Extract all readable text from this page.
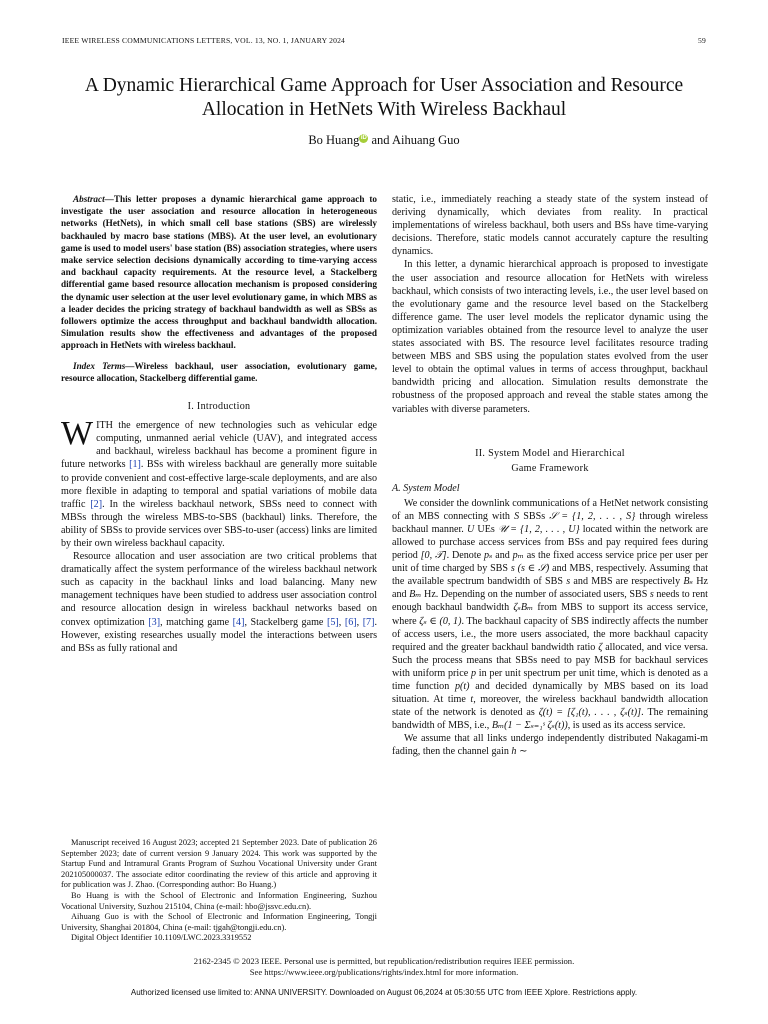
IEEE WIRELESS COMMUNICATIONS LETTERS, VOL. 13, NO. 1, JANUARY 2024	59
A Dynamic Hierarchical Game Approach for User Association and Resource Allocation in HetNets With Wireless Backhaul
Bo Huang iD and Aihuang Guo

Abstract—This letter proposes a dynamic hierarchical game approach to investigate the user association and resource allocation in heterogeneous networks (HetNets), in which small cell base stations (SBS) are wirelessly backhauled by macro base stations (MBS). At the user level, an evolutionary game is used to model users' base station (BS) association strategies, where users make service selection decisions dynamically according to time-varying access and backhaul capacity requirements. At the resource level, a Stackelberg differential game based resource allocation mechanism is proposed considering the dynamic user selection at the user level evolutionary game, in which MBS as a leader decides the pricing strategy of backhaul bandwidth as well as SBSs as followers optimize the access throughput and backhaul bandwidth allocation. Simulation results show the effectiveness and advantages of the proposed approach in HetNets with wireless backhaul.

Index Terms—Wireless backhaul, user association, evolutionary game, resource allocation, Stackelberg differential game.

I. Introduction

WITH the emergence of new technologies such as vehicular edge computing, unmanned aerial vehicle (UAV), and integrated access and backhaul, wireless backhaul has become a prominent figure in future networks [1]. BSs with wireless backhaul are generally more suitable to provide convenient and cost-effective large-scale deployments, and are also more flexible in adapting to temporal and spatial variations of mobile data traffic [2]. In the wireless backhaul network, SBSs need to connect with MBSs through the wireless MBS-to-SBS (backhaul) links. Therefore, the ability of SBSs to provide services over SBS-to-user (access) links are limited by their own wireless backhaul capacity.

Resource allocation and user association are two critical problems that dramatically affect the system performance of the wireless backhaul network such as capacity in the backhaul links and load balancing. Many new management techniques have been studied to address user association control and resource allocation design in wireless backhaul networks based on convex optimization [3], matching game [4], Stackelberg game [5], [6], [7]. However, existing researches usually model the interactions between users and BSs as fully rational and

Manuscript received 16 August 2023; accepted 21 September 2023. Date of publication 26 September 2023; date of current version 9 January 2024. This work was supported by the Startup Fund and Intramural Grants Program of Suzhou Vocational University under Grant 202105000037. The associate editor coordinating the review of this article and approving it for publication was J. Zhao. (Corresponding author: Bo Huang.)

Bo Huang is with the School of Electronic and Information Engineering, Suzhou Vocational University, Suzhou 215104, China (e-mail: hbo@jssvc.edu.cn).

Aihuang Guo is with the School of Electronic and Information Engineering, Tongji University, Shanghai 201804, China (e-mail: tjgah@tongji.edu.cn).

Digital Object Identifier 10.1109/LWC.2023.3319552

static, i.e., immediately reaching a steady state of the system instead of deriving dynamically, which deviates from reality. In practical implementations of wireless backhaul, both users and BSs have time-varying decisions. Therefore, static models cannot accurately capture the resulting dynamics.

In this letter, a dynamic hierarchical approach is proposed to investigate the user association and resource allocation for HetNets with wireless backhaul, which consists of two interacting levels, i.e., the user level based on the evolutionary game and the resource level based on the Stackelberg difference game. The user level models the replicator dynamic using the optimization variables obtained from the resource level to analyze the user states associated with BS. The resource level facilitates resource trading between MBS and SBS using the population states evolved from the user level to obtain the optimal values in terms of access throughput, backhaul bandwidth pricing and allocation. Simulation results demonstrate the robustness of the proposed approach and reveal the stable states among the variables with diverse parameters.

II. System Model and Hierarchical
Game Framework
A. System Model

We consider the downlink communications of a HetNet network consisting of an MBS connecting with S SBSs 𝒮 = {1, 2, . . . , S} through wireless backhaul manner. U UEs 𝒰 = {1, 2, . . . , U} located within the network are allowed to purchase access services from BSs and pay required fees during period [0, 𝒯]. Denote pₛ and pₘ as the fixed access service price per user per unit of time charged by SBS s (s ∈ 𝒮) and MBS, respectively. Assuming that the available spectrum bandwidth of SBS s and MBS are respectively Bₛ Hz and Bₘ Hz. Depending on the number of associated users, SBS s needs to rent enough backhaul bandwidth ζₛBₘ from MBS to support its access service, where ζₛ ∈ (0, 1). The backhaul capacity of SBS indirectly affects the number of access users, i.e., the more users associated, the more backhaul capacity required and the greater backhaul bandwidth ratio ζ allocated, and vice versa. Such the process means that SBSs need to pay MSB for backhaul services with uniform price p in per unit spectrum per unit time, which is denoted as a time function p(t) and decided dynamically by MBS based on its load situation. At time t, moreover, the wireless backhaul bandwidth allocation state of the network is denoted as ζ(t) = [ζ₁(t), . . . , ζₛ(t)]. The remaining bandwidth of MBS, i.e., Bₘ(1 − Σₛ₌₁ˢ ζₛ(t)), is used as its access service.

We assume that all links undergo independently distributed Nakagami-m fading, then the channel gain h ∼

2162-2345 © 2023 IEEE. Personal use is permitted, but republication/redistribution requires IEEE permission.
See https://www.ieee.org/publications/rights/index.html for more information.
Authorized licensed use limited to: ANNA UNIVERSITY. Downloaded on August 06,2024 at 05:30:55 UTC from IEEE Xplore. Restrictions apply.
